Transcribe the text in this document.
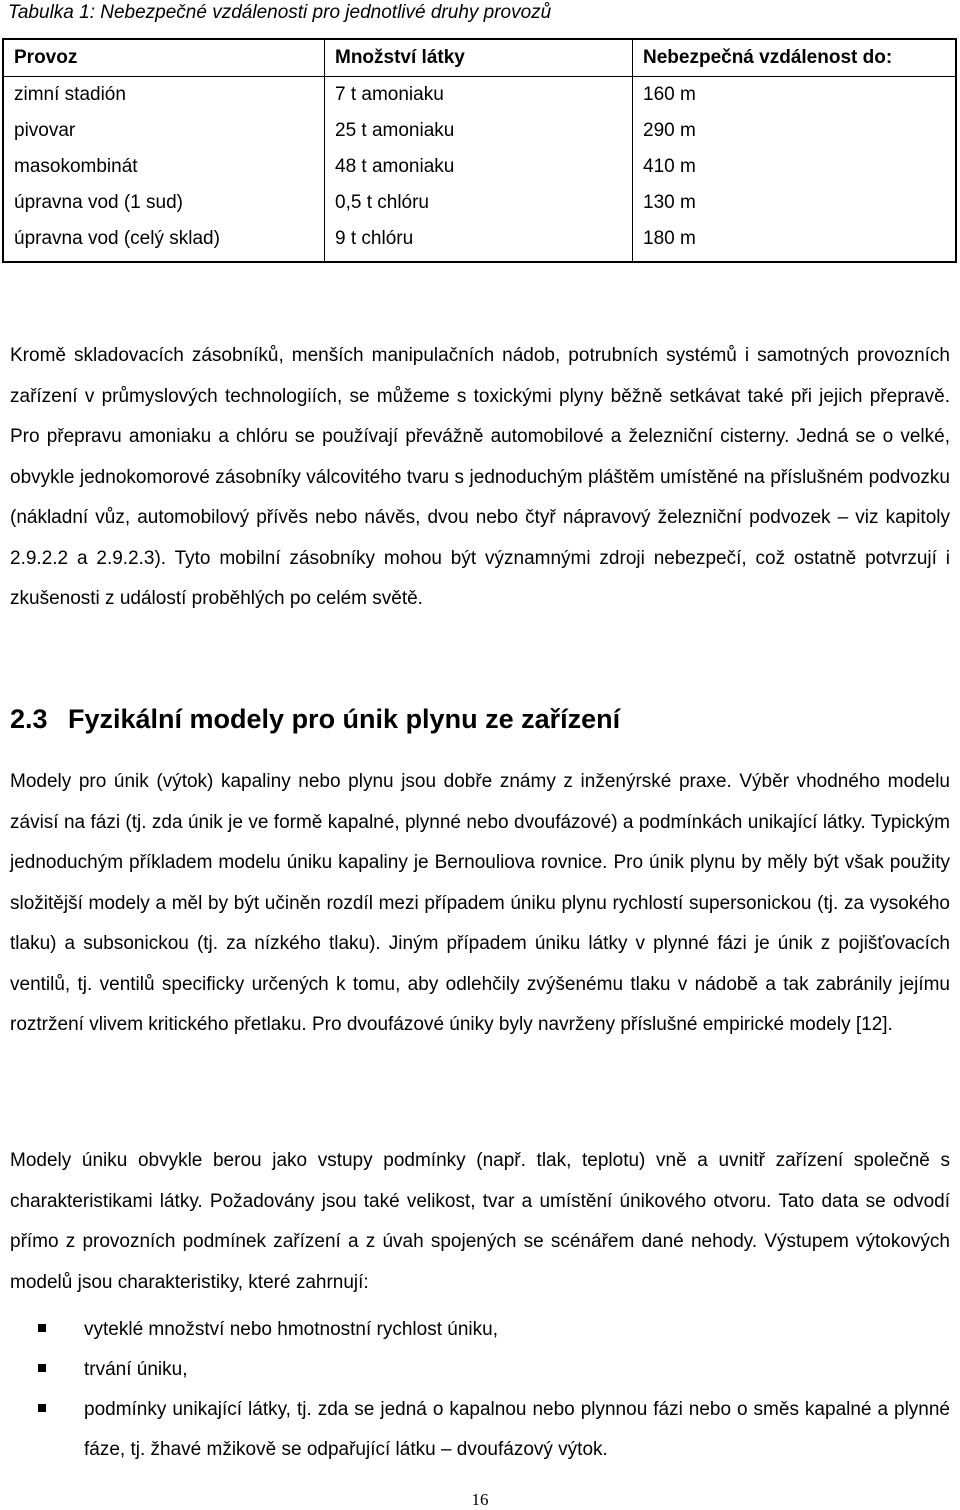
Tabulka 1: Nebezpečné vzdálenosti pro jednotlivé druhy provozů
Provoz	Množství látky	Nebezpečná vzdálenost do:
zimní stadión	7 t amoniaku	160 m
pivovar	25 t amoniaku	290 m
masokombinát	48 t amoniaku	410 m
úpravna vod (1 sud)	0,5 t chlóru	130 m
úpravna vod (celý sklad)	9 t chlóru	180 m

Kromě skladovacích zásobníků, menších manipulačních nádob, potrubních systémů i samotných provozních zařízení v průmyslových technologiích, se můžeme s toxickými plyny běžně setkávat také při jejich přepravě. Pro přepravu amoniaku a chlóru se používají převážně automobilové a železniční cisterny. Jedná se o velké, obvykle jednokomorové zásobníky válcovitého tvaru s jednoduchým pláštěm umístěné na příslušném podvozku (nákladní vůz, automobilový přívěs nebo návěs, dvou nebo čtyř nápravový železniční podvozek – viz kapitoly 2.9.2.2 a 2.9.2.3). Tyto mobilní zásobníky mohou být významnými zdroji nebezpečí, což ostatně potvrzují i zkušenosti z událostí proběhlých po celém světě.

2.3 Fyzikální modely pro únik plynu ze zařízení

Modely pro únik (výtok) kapaliny nebo plynu jsou dobře známy z inženýrské praxe. Výběr vhodného modelu závisí na fázi (tj. zda únik je ve formě kapalné, plynné nebo dvoufázové) a podmínkách unikající látky. Typickým jednoduchým příkladem modelu úniku kapaliny je Bernouliova rovnice. Pro únik plynu by měly být však použity složitější modely a měl by být učiněn rozdíl mezi případem úniku plynu rychlostí supersonickou (tj. za vysokého tlaku) a subsonickou (tj. za nízkého tlaku). Jiným případem úniku látky v plynné fázi je únik z pojišťovacích ventilů, tj. ventilů specificky určených k tomu, aby odlehčily zvýšenému tlaku v nádobě a tak zabránily jejímu roztržení vlivem kritického přetlaku. Pro dvoufázové úniky byly navrženy příslušné empirické modely [12].

Modely úniku obvykle berou jako vstupy podmínky (např. tlak, teplotu) vně a uvnitř zařízení společně s charakteristikami látky. Požadovány jsou také velikost, tvar a umístění únikového otvoru. Tato data se odvodí přímo z provozních podmínek zařízení a z úvah spojených se scénářem dané nehody. Výstupem výtokových modelů jsou charakteristiky, které zahrnují:

vyteklé množství nebo hmotnostní rychlost úniku,
trvání úniku,
podmínky unikající látky, tj. zda se jedná o kapalnou nebo plynnou fázi nebo o směs kapalné a plynné fáze, tj. žhavé mžikově se odpařující látku – dvoufázový výtok.
16
